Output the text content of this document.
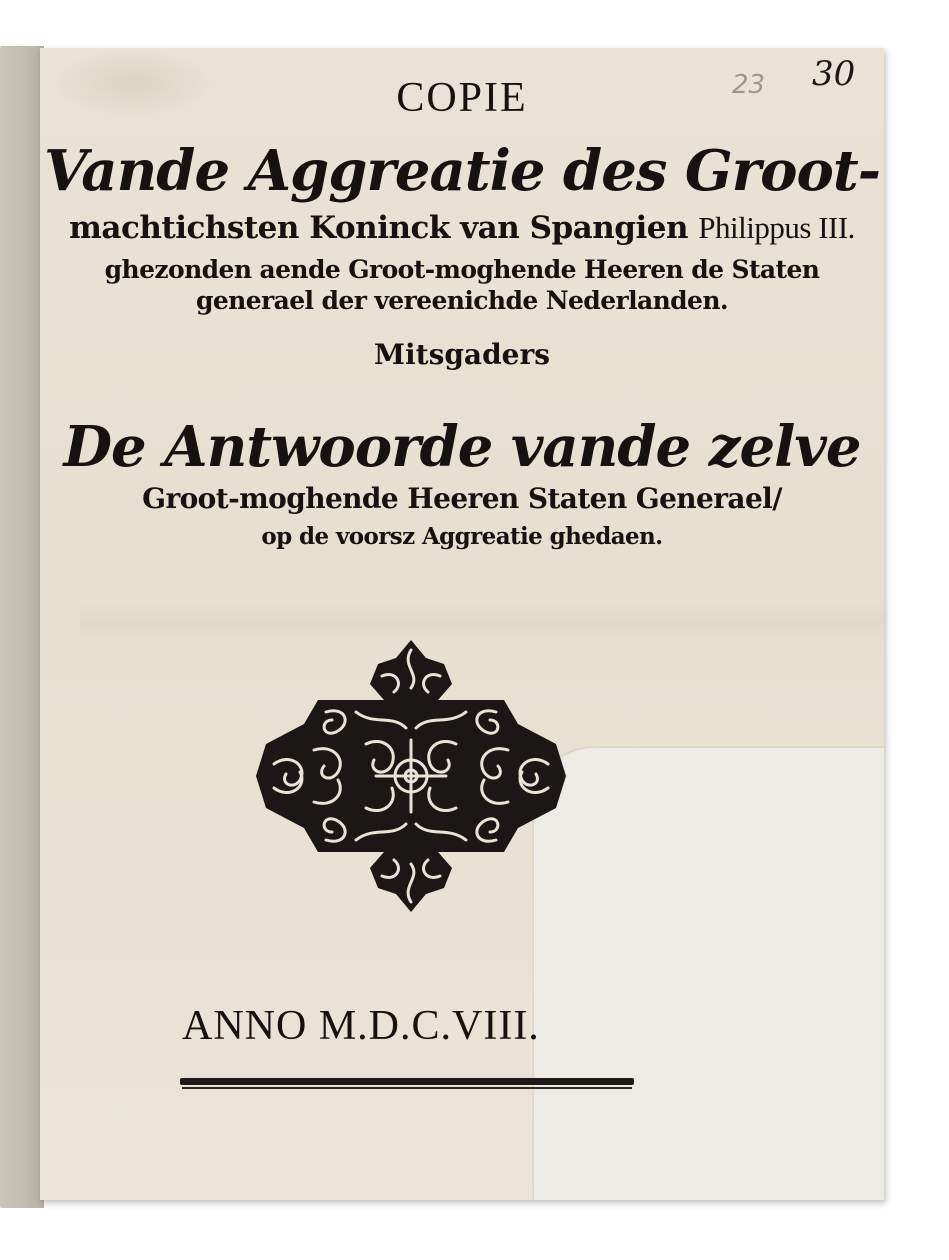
23 30
COPIE
Vande Aggreatie des Groot-
machtichsten Koninck van Spangien Philippus III.
ghezonden aende Groot-moghende Heeren de Staten
generael der vereenichde Nederlanden.
Mitsgaders
De Antwoorde vande zelve
Groot-moghende Heeren Staten Generael/
op de voorsz Aggreatie ghedaen.
ANNO M.D.C.VIII.
